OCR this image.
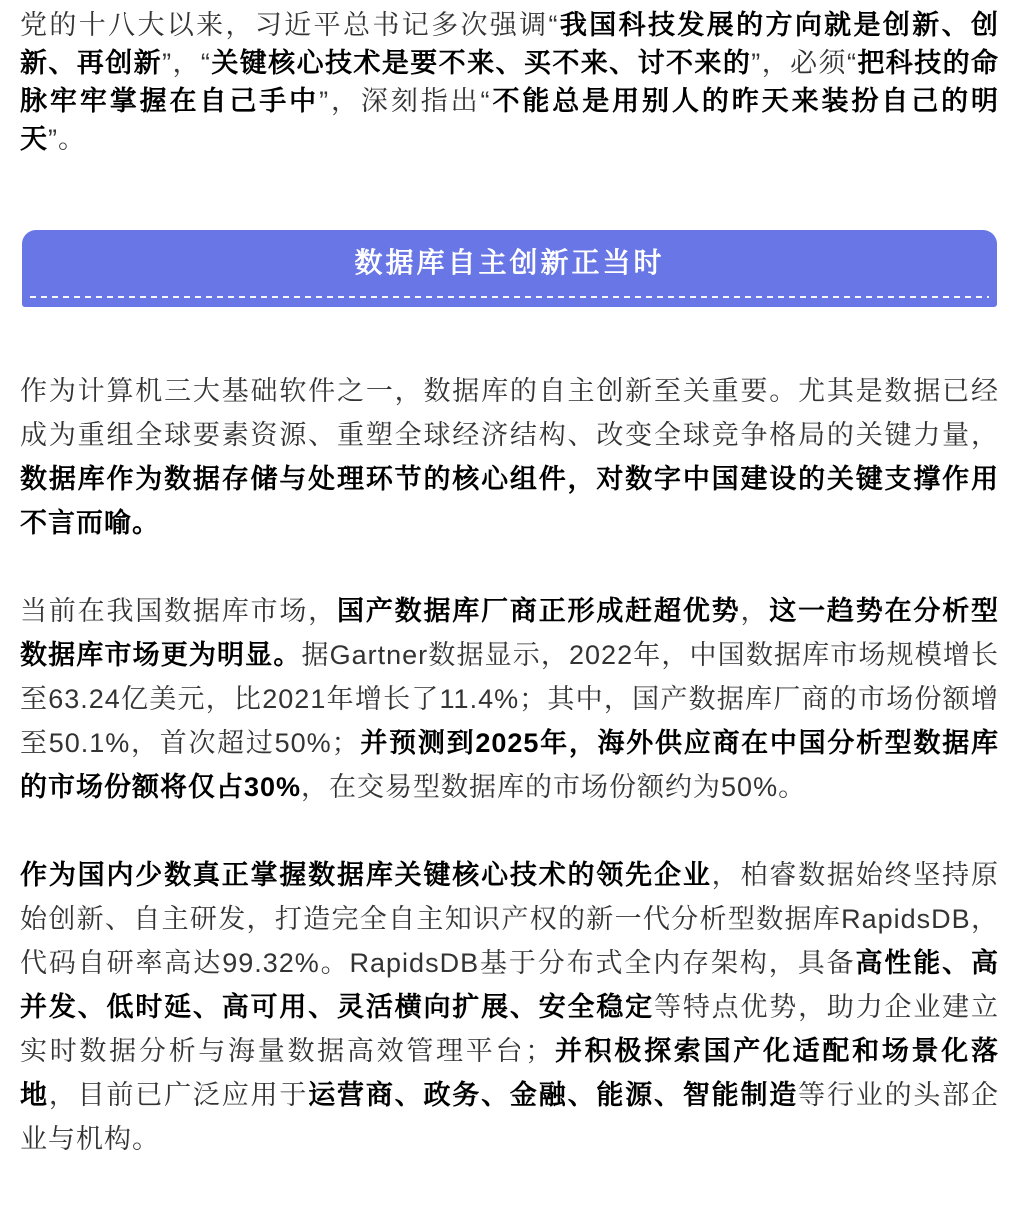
党的十八大以来，习近平总书记多次强调“我国科技发展的方向就是创新、创新、再创新”，“关键核心技术是要不来、买不来、讨不来的”，必须“把科技的命脉牢牢掌握在自己手中”，深刻指出“不能总是用别人的昨天来装扮自己的明天”。

数据库自主创新正当时

作为计算机三大基础软件之一，数据库的自主创新至关重要。尤其是数据已经成为重组全球要素资源、重塑全球经济结构、改变全球竞争格局的关键力量，数据库作为数据存储与处理环节的核心组件，对数字中国建设的关键支撑作用不言而喻。

当前在我国数据库市场，国产数据库厂商正形成赶超优势，这一趋势在分析型数据库市场更为明显。据Gartner数据显示，2022年，中国数据库市场规模增长至63.24亿美元，比2021年增长了11.4%；其中，国产数据库厂商的市场份额增至50.1%，首次超过50%；并预测到2025年，海外供应商在中国分析型数据库的市场份额将仅占30%，在交易型数据库的市场份额约为50%。

作为国内少数真正掌握数据库关键核心技术的领先企业，柏睿数据始终坚持原始创新、自主研发，打造完全自主知识产权的新一代分析型数据库RapidsDB，代码自研率高达99.32%。RapidsDB基于分布式全内存架构，具备高性能、高并发、低时延、高可用、灵活横向扩展、安全稳定等特点优势，助力企业建立实时数据分析与海量数据高效管理平台；并积极探索国产化适配和场景化落地，目前已广泛应用于运营商、政务、金融、能源、智能制造等行业的头部企业与机构。
